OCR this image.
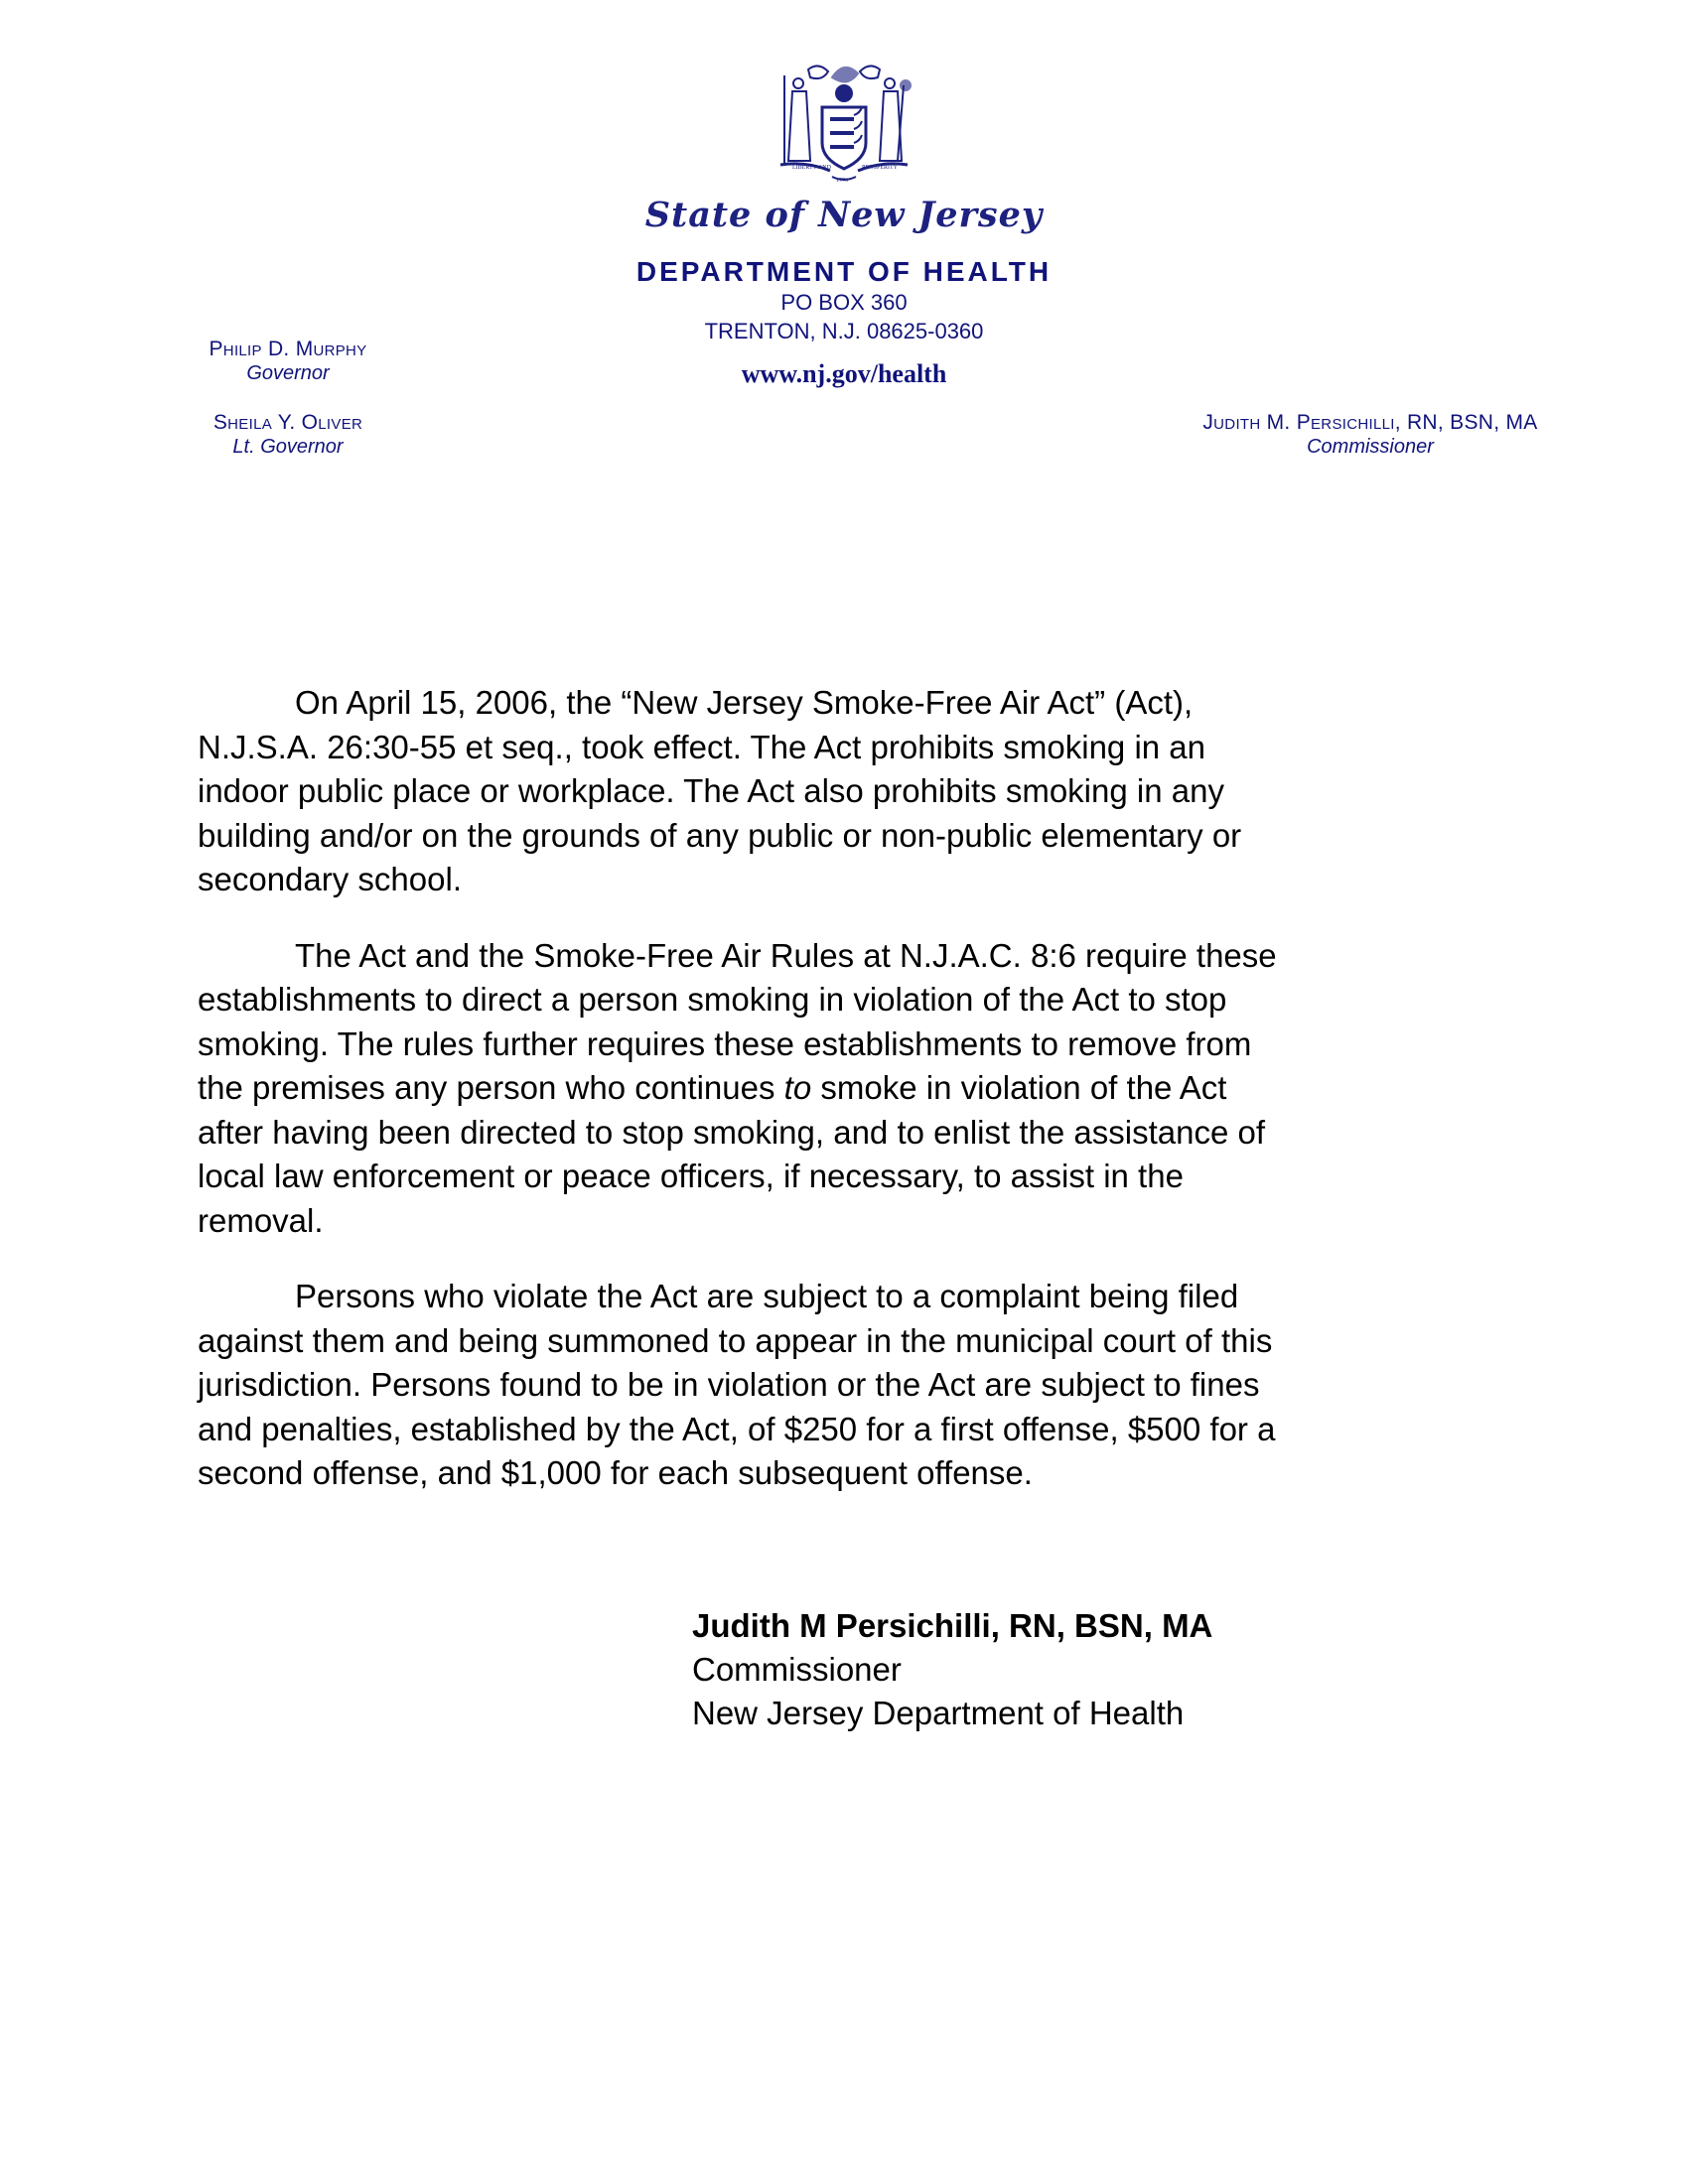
LIBERTY AND	PROSPERITY
1776
State of New Jersey
DEPARTMENT OF HEALTH
PO BOX 360
TRENTON, N.J. 08625-0360
www.nj.gov/health
Philip D. Murphy
Governor
Sheila Y. Oliver
Lt. Governor
Judith M. Persichilli, RN, BSN, MA
Commissioner

On April 15, 2006, the “New Jersey Smoke-Free Air Act” (Act),
N.J.S.A. 26:30-55 et seq., took effect. The Act prohibits smoking in an
indoor public place or workplace. The Act also prohibits smoking in any
building and/or on the grounds of any public or non-public elementary or
secondary school.

The Act and the Smoke-Free Air Rules at N.J.A.C. 8:6 require these
establishments to direct a person smoking in violation of the Act to stop
smoking. The rules further requires these establishments to remove from
the premises any person who continues to smoke in violation of the Act
after having been directed to stop smoking, and to enlist the assistance of
local law enforcement or peace officers, if necessary, to assist in the
removal.

Persons who violate the Act are subject to a complaint being filed
against them and being summoned to appear in the municipal court of this
jurisdiction. Persons found to be in violation or the Act are subject to fines
and penalties, established by the Act, of $250 for a first offense, $500 for a
second offense, and $1,000 for each subsequent offense.

Judith M Persichilli, RN, BSN, MA
Commissioner
New Jersey Department of Health
